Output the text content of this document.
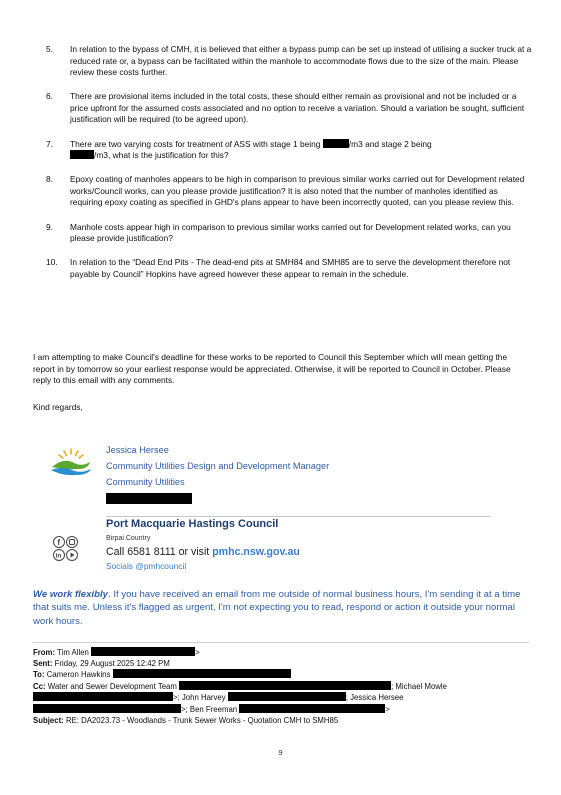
5.	In relation to the bypass of CMH, it is believed that either a bypass pump can be set up instead of utilising a sucker truck at a reduced rate or, a bypass can be facilitated within the manhole to accommodate flows due to the size of the main. Please review these costs further.
6.	There are provisional items included in the total costs, these should either remain as provisional and not be included or a price upfront for the assumed costs associated and no option to receive a variation. Should a variation be sought, sufficient justification will be required (to be agreed upon).
7.	There are two varying costs for treatment of ASS with stage 1 being	/m3 and stage 2 being
/m3, what is the justification for this?
8.	Epoxy coating of manholes appears to be high in comparison to previous similar works carried out for Development related works/Council works, can you please provide justification? It is also noted that the number of manholes identified as requiring epoxy coating as specified in GHD's plans appear to have been incorrectly quoted, can you please review this.
9.	Manhole costs appear high in comparison to previous similar works carried out for Development related works, can you please provide justification?
10.	In relation to the “Dead End Pits - The dead-end pits at SMH84 and SMH85 are to serve the development therefore not payable by Council” Hopkins have agreed however these appear to remain in the schedule.

I am attempting to make Council's deadline for these works to be reported to Council this September which will mean getting the report in by tomorrow so your earliest response would be appreciated. Otherwise, it will be reported to Council in October. Please reply to this email with any comments.

Kind regards,

Jessica Hersee
Community Utilities Design and Development Manager
Community Utilities
f
in
Port Macquarie Hastings Council
Birpai Country
Call 6581 8111 or visit pmhc.nsw.gov.au
Socials @pmhcouncil
We work flexibly. If you have received an email from me outside of normal business hours, I'm sending it at a time that suits me. Unless it's flagged as urgent, I'm not expecting you to read, respond or action it outside your normal work hours.
From: Tim Allen	>
Sent: Friday, 29 August 2025 12:42 PM
To: Cameron Hawkins
Cc: Water and Sewer Development Team	; Michael Mowle
>; John Harvey	; Jessica Hersee
>; Ben Freeman	>
Subject: RE: DA2023.73 - Woodlands - Trunk Sewer Works - Quotation CMH to SMH85
9
